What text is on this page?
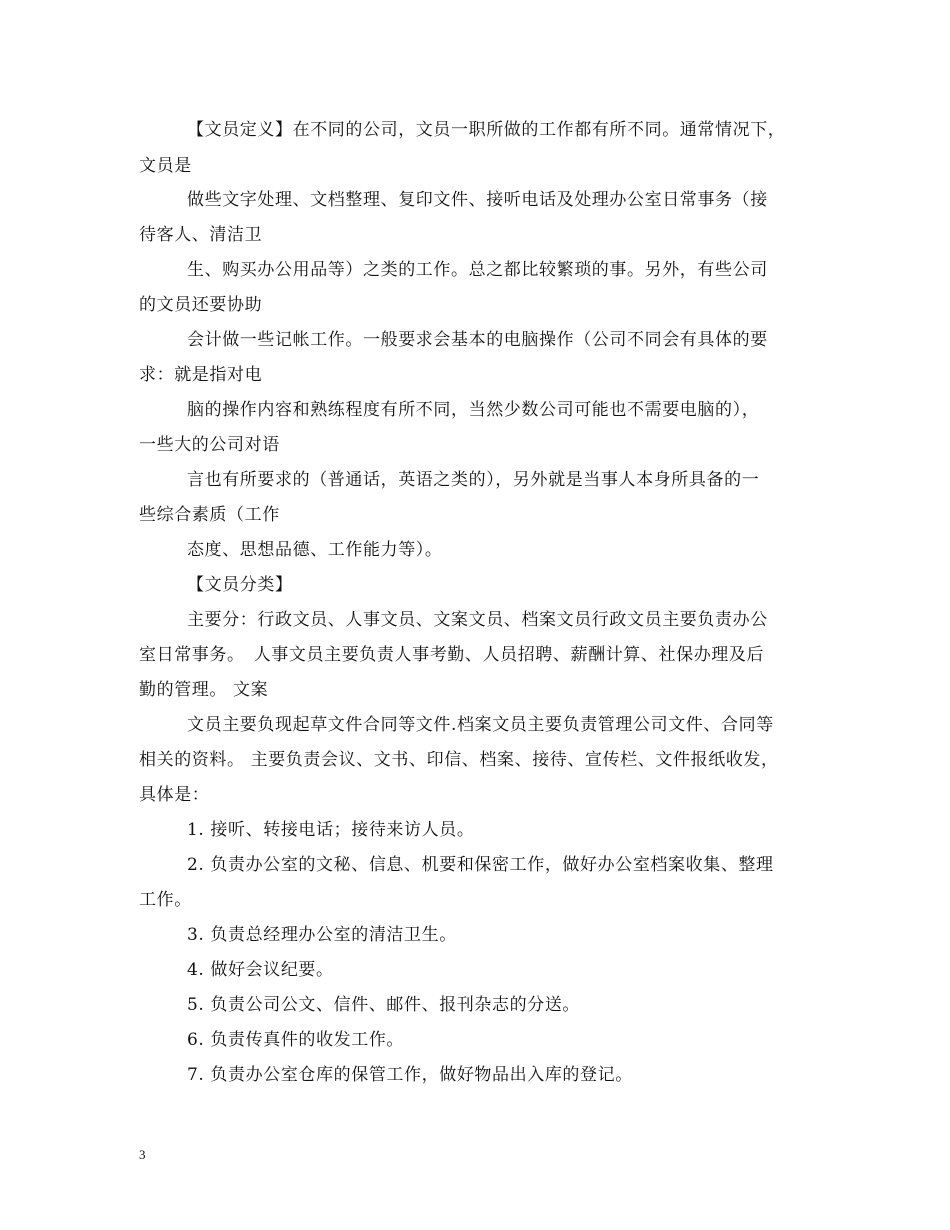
【文员定义】在不同的公司，文员一职所做的工作都有所不同。通常情况下，
文员是
做些文字处理、文档整理、复印文件、接听电话及处理办公室日常事务（接
待客人、清洁卫
生、购买办公用品等）之类的工作。总之都比较繁琐的事。另外，有些公司
的文员还要协助
会计做一些记帐工作。一般要求会基本的电脑操作（公司不同会有具体的要
求：就是指对电
脑的操作内容和熟练程度有所不同，当然少数公司可能也不需要电脑的），
一些大的公司对语
言也有所要求的（普通话，英语之类的），另外就是当事人本身所具备的一
些综合素质（工作
态度、思想品德、工作能力等）。
【文员分类】
主要分：行政文员、人事文员、文案文员、档案文员行政文员主要负责办公
室日常事务。　人事文员主要负责人事考勤、人员招聘、薪酬计算、社保办理及后
勤的管理。 文案
文员主要负现起草文件合同等文件.档案文员主要负责管理公司文件、合同等
相关的资料。 主要负责会议、文书、印信、档案、接待、宣传栏、文件报纸收发，
具体是：
1. 接听、转接电话；接待来访人员。
2. 负责办公室的文秘、信息、机要和保密工作，做好办公室档案收集、整理
工作。
3. 负责总经理办公室的清洁卫生。
4. 做好会议纪要。
5. 负责公司公文、信件、邮件、报刊杂志的分送。
6. 负责传真件的收发工作。
7. 负责办公室仓库的保管工作，做好物品出入库的登记。
3
